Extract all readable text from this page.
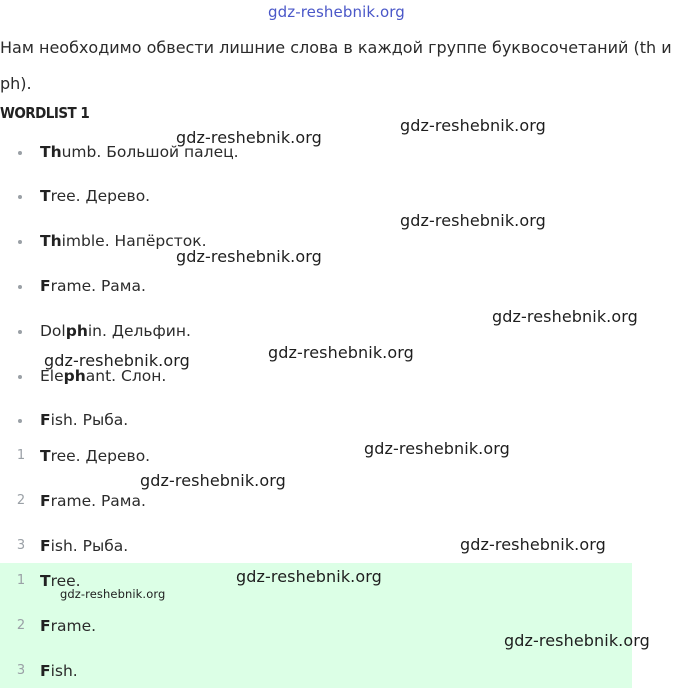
gdz-reshebnik.org
gdz-reshebnik.org
gdz-reshebnik.org
gdz-reshebnik.org
gdz-reshebnik.org
gdz-reshebnik.org
gdz-reshebnik.org
gdz-reshebnik.org
gdz-reshebnik.org
gdz-reshebnik.org
gdz-reshebnik.org
Нам необходимо обвести лишние слова в каждой группе буквосочетаний (th и ph).
WORDLIST 1
Thumb. Большой палец.
Tree. Дерево.
Thimble. Напёрсток.
Frame. Рама.
Dolphin. Дельфин.
Elephant. Слон.
Fish. Рыба.
1 Tree. Дерево.
2 Frame. Рама.
3 Fish. Рыба.
1 Tree.
2 Frame.
3 Fish.
gdz-reshebnik.org
gdz-reshebnik.org
gdz-reshebnik.org
